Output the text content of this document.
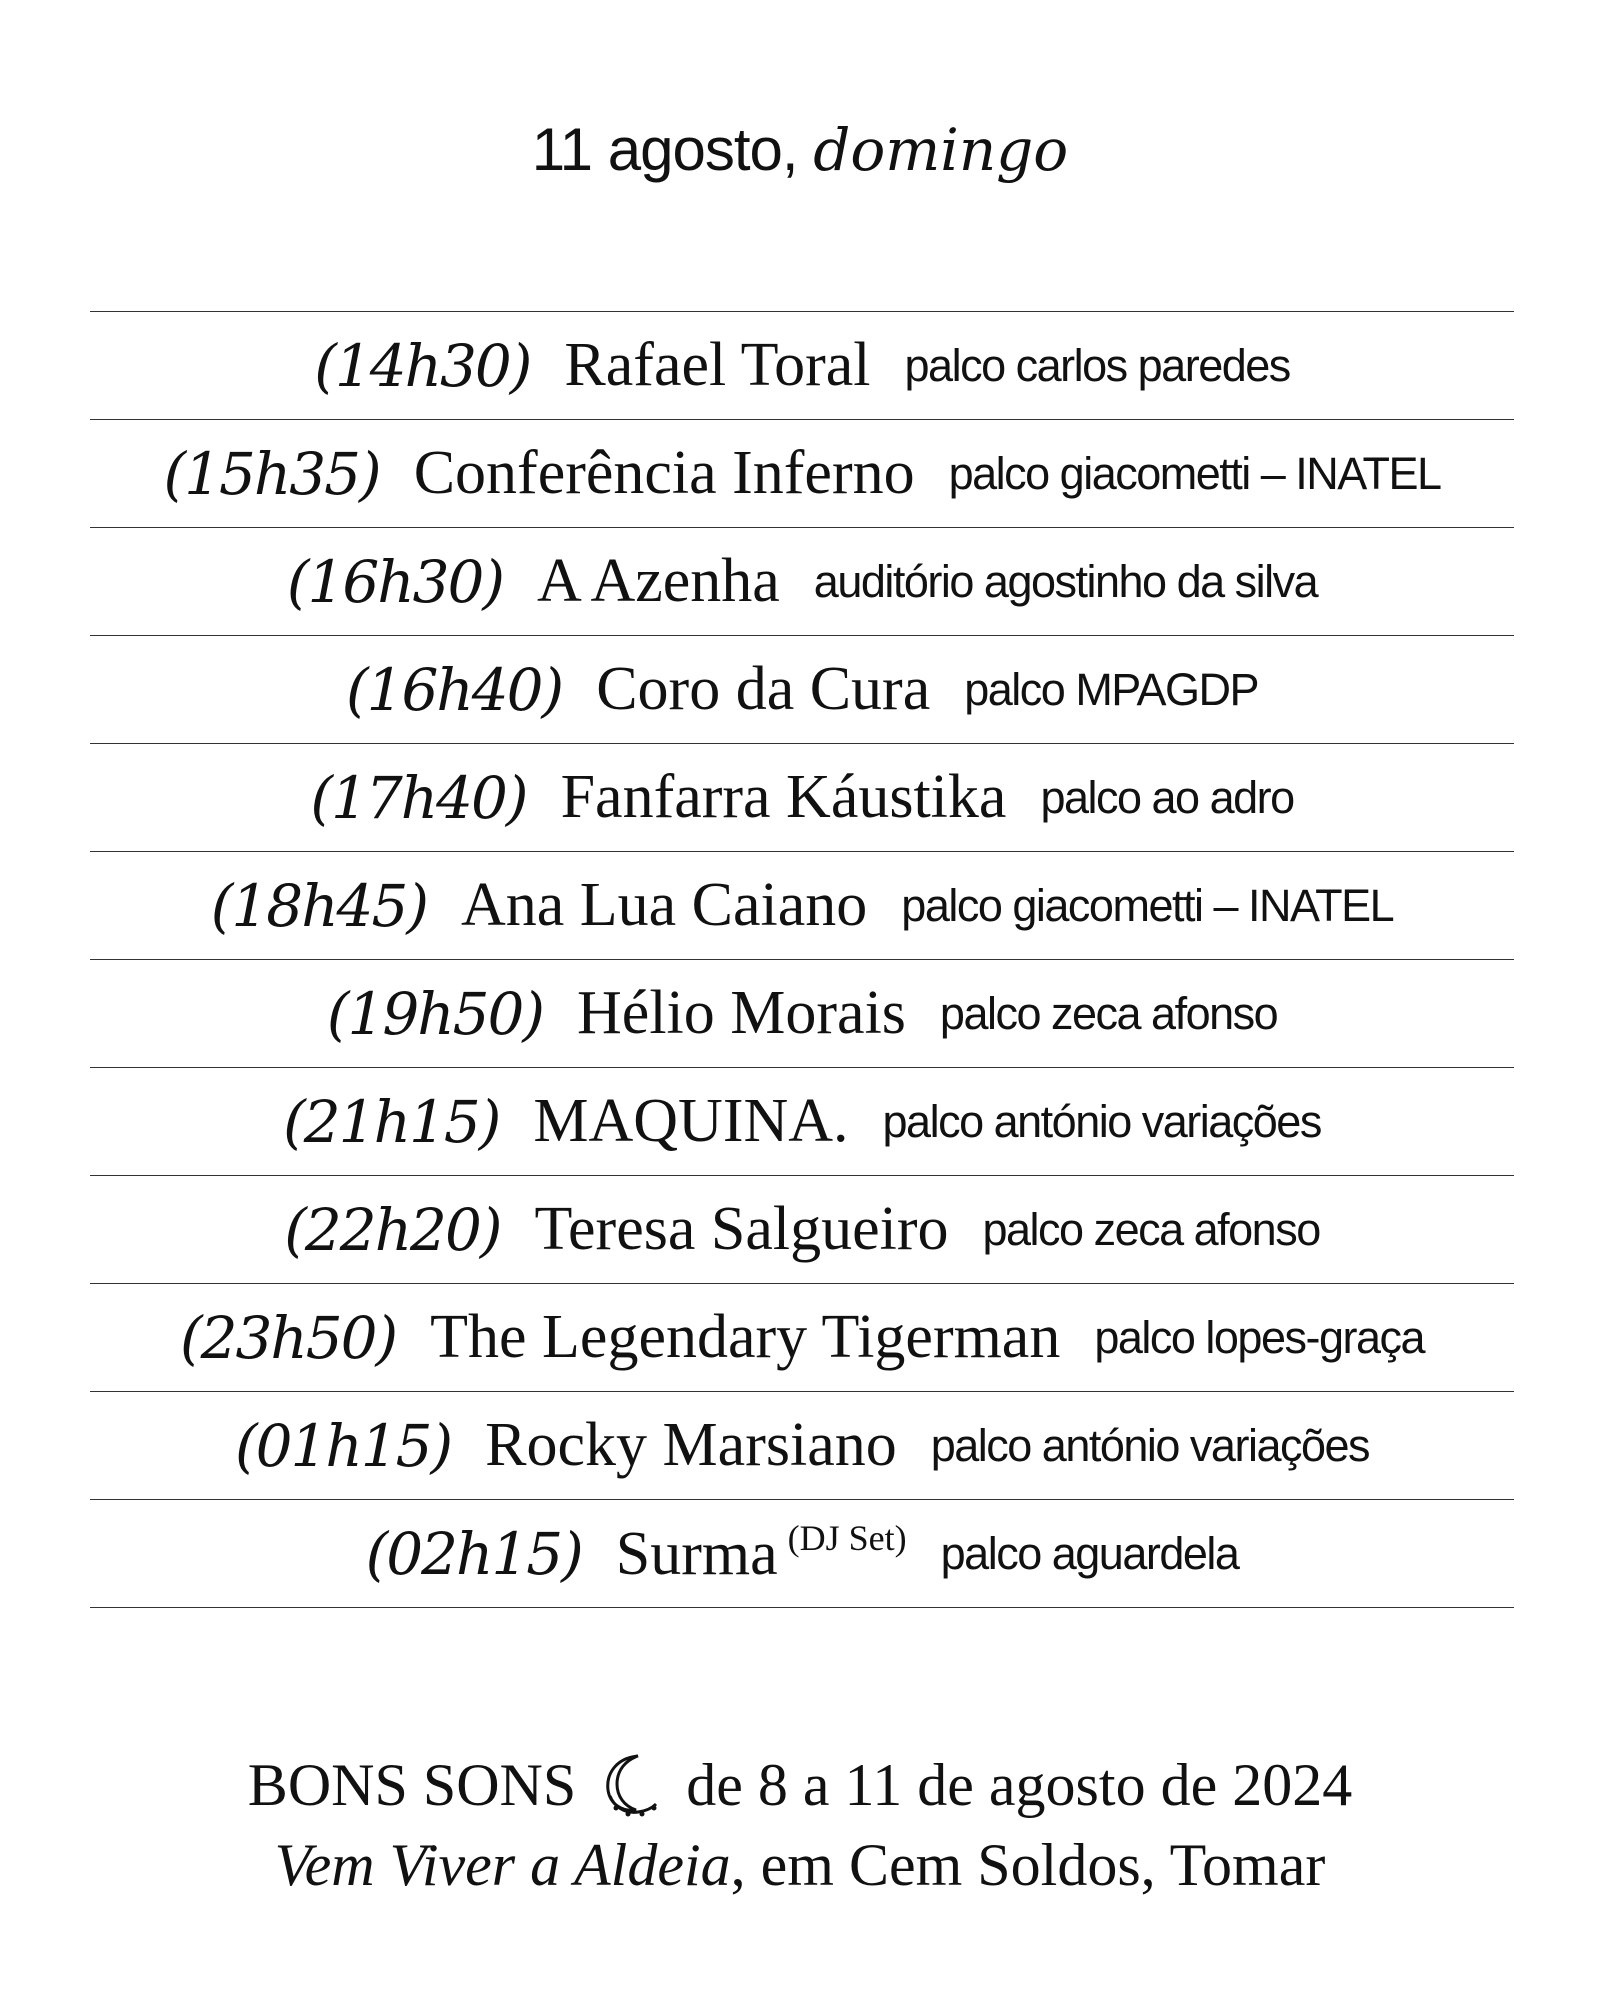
11 agosto, domingo
(14h30) Rafael Toral palco carlos paredes
(15h35) Conferência Inferno palco giacometti – INATEL
(16h30) A Azenha auditório agostinho da silva
(16h40) Coro da Cura palco MPAGDP
(17h40) Fanfarra Káustika palco ao adro
(18h45) Ana Lua Caiano palco giacometti – INATEL
(19h50) Hélio Morais palco zeca afonso
(21h15) MAQUINA. palco antónio variações
(22h20) Teresa Salgueiro palco zeca afonso
(23h50) The Legendary Tigerman palco lopes-graça
(01h15) Rocky Marsiano palco antónio variações
(02h15) Surma $^{(DJ Set)}$ palco aguardela
BONS SONS de 8 a 11 de agosto de 2024
Vem Viver a Aldeia , em Cem Soldos, Tomar
